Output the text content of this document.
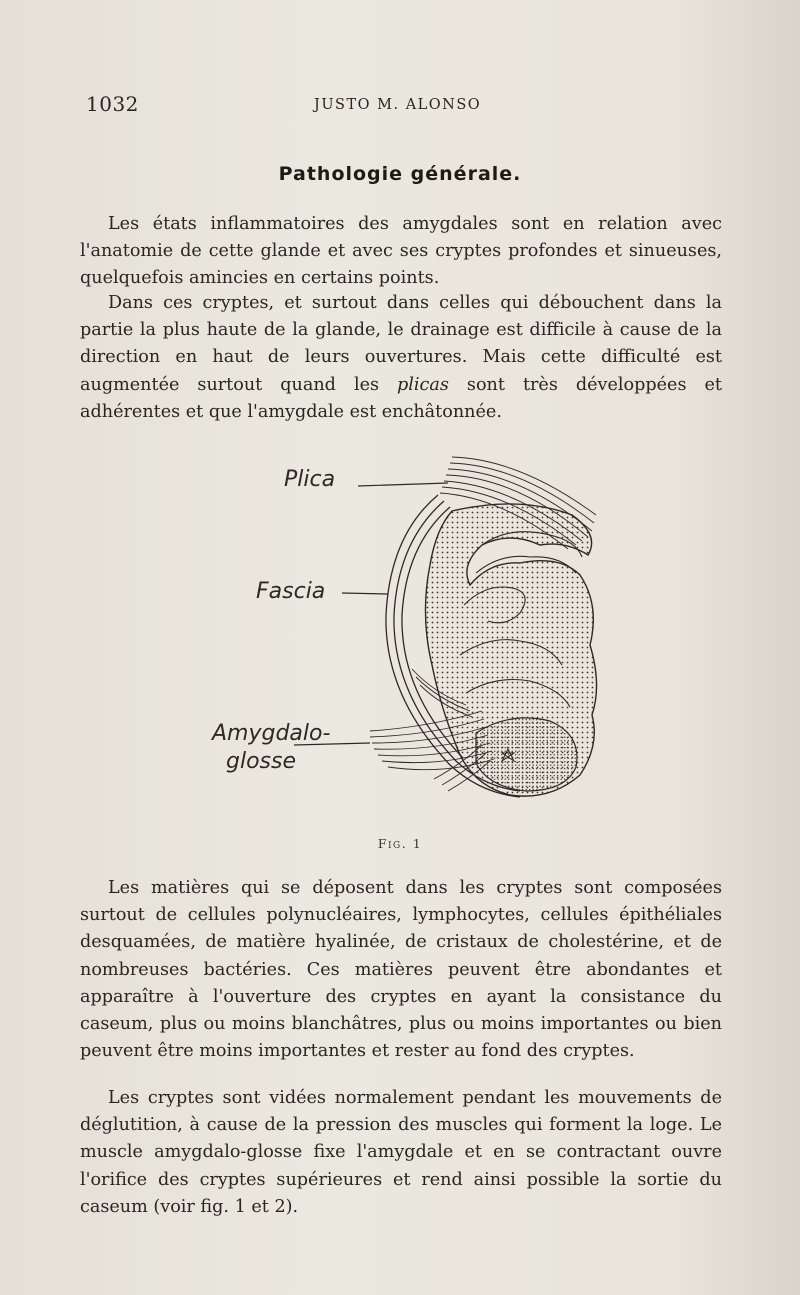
1032	JUSTO M. ALONSO
Pathologie générale.

Les états inflammatoires des amygdales sont en relation avec l'anatomie de cette glande et avec ses cryptes profondes et sinueuses, quelquefois amincies en certains points.

Dans ces cryptes, et surtout dans celles qui débouchent dans la partie la plus haute de la glande, le drainage est difficile à cause de la direction en haut de leurs ouvertures. Mais cette difficulté est augmentée surtout quand les plicas sont très développées et adhérentes et que l'amygdale est enchâtonnée.

Plica
Fascia
Amygdalo-
glosse
Fig. 1

Les matières qui se déposent dans les cryptes sont composées surtout de cellules polynucléaires, lymphocytes, cellules épithéliales desquamées, de matière hyalinée, de cristaux de cholestérine, et de nombreuses bactéries. Ces matières peuvent être abondantes et apparaître à l'ouverture des cryptes en ayant la consistance du caseum, plus ou moins blanchâtres, plus ou moins importantes ou bien peuvent être moins importantes et rester au fond des cryptes.

Les cryptes sont vidées normalement pendant les mouvements de déglutition, à cause de la pression des muscles qui forment la loge. Le muscle amygdalo-glosse fixe l'amygdale et en se contractant ouvre l'orifice des cryptes supérieures et rend ainsi possible la sortie du caseum (voir fig. 1 et 2).
